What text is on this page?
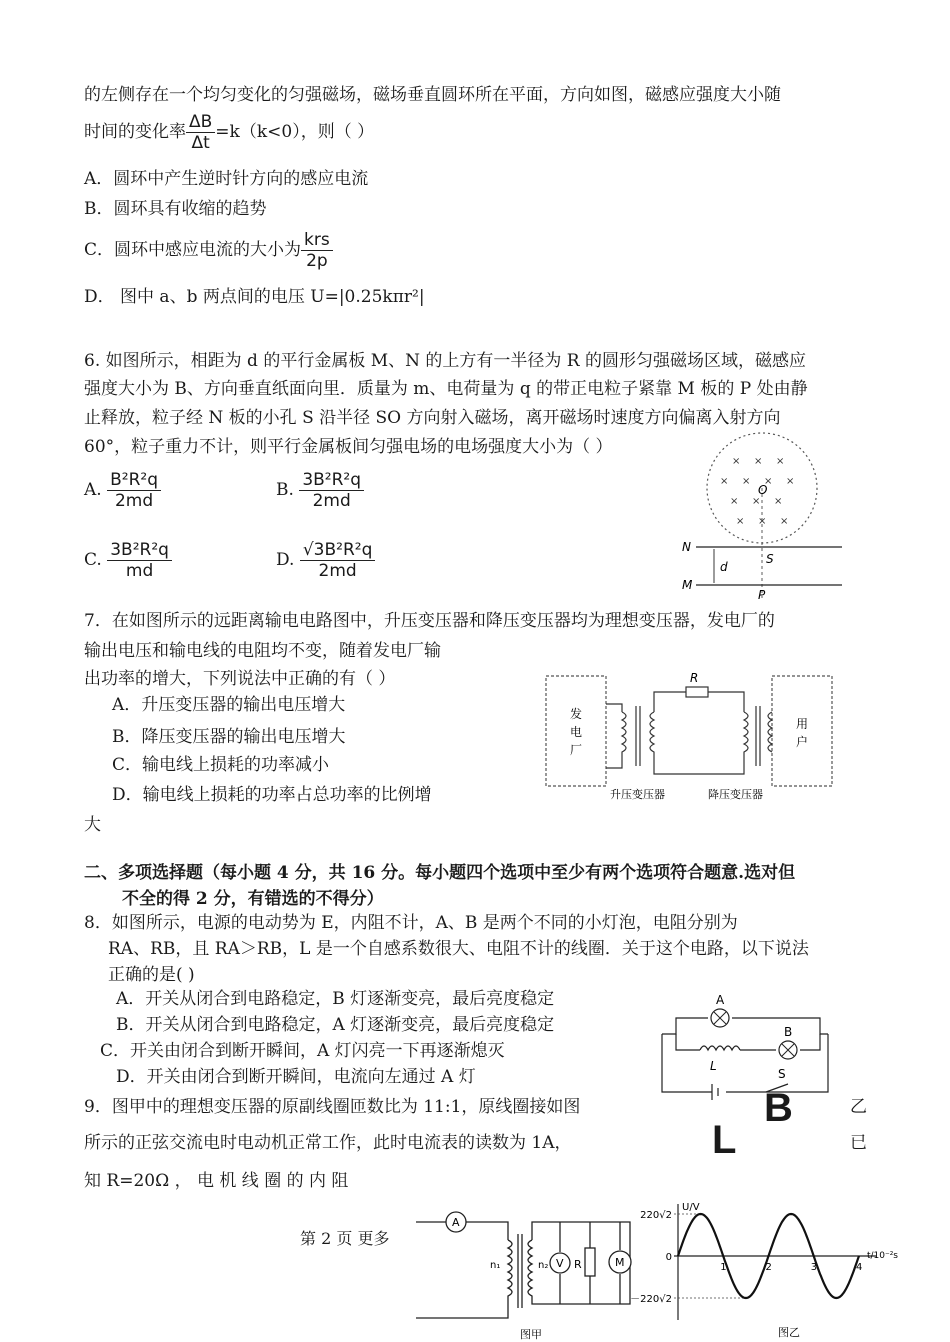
的左侧存在一个均匀变化的匀强磁场，磁场垂直圆环所在平面，方向如图，磁感应强度大小随
时间的变化率 $\frac{\Delta B}{\Delta t} =k(k<0)$，则（ ）
A．圆环中产生逆时针方向的感应电流
B．圆环具有收缩的趋势
C．圆环中感应电流的大小为 $\frac{\text{krs}}{2p}$
D． 图中 a、b 两点间的电压 U=|0.25kπr²|
6. 如图所示，相距为 d 的平行金属板 M、N 的上方有一半径为 R 的圆形匀强磁场区域，磁感应
强度大小为 B、方向垂直纸面向里．质量为 m、电荷量为 q 的带正电粒子紧靠 M 板的 P 处由静
止释放，粒子经 N 板的小孔 S 沿半径 SO 方向射入磁场，离开磁场时速度方向偏离入射方向
60°，粒子重力不计，则平行金属板间匀强电场的电场强度大小为（ ）
A. $\frac{\text{B²R²q}}{2md}$	B. $\frac{\text{3B²R²q}}{2md}$
C. $\frac{\text{3B²R²q}}{md}$	D. $\frac{\text{√3B²R²q}}{2md}$
× × ×
× × × ×
× × ×
× × ×
O
N
M
S
d
P
7．在如图所示的远距离输电电路图中，升压变压器和降压变压器均为理想变压器，发电厂的
输出电压和输电线的电阻均不变，随着发电厂输
出功率的增大，下列说法中正确的有（ ）
A．升压变压器的输出电压增大
B．降压变压器的输出电压增大
C．输电线上损耗的功率减小
D．输电线上损耗的功率占总功率的比例增
大
发
电
厂
用
户
R
升压变压器	降压变压器
二、多项选择题（每小题 4 分，共 16 分。每小题四个选项中至少有两个选项符合题意.选对但
不全的得 2 分，有错选的不得分）
8．如图所示，电源的电动势为 E，内阻不计，A、B 是两个不同的小灯泡，电阻分别为
RA、RB，且 RA＞RB，L 是一个自感系数很大、电阻不计的线圈．关于这个电路，以下说法
正确的是( )
A．开关从闭合到电路稳定，B 灯逐渐变亮，最后亮度稳定
B．开关从闭合到电路稳定，A 灯逐渐变亮，最后亮度稳定
C．开关由闭合到断开瞬间，A 灯闪亮一下再逐渐熄灭
D．开关由闭合到断开瞬间，电流向左通过 A 灯
A
B
L
S
9．图甲中的理想变压器的原副线圈匝数比为 11:1，原线圈接如图	乙
B
所示的正弦交流电时电动机正常工作，此时电流表的读数为 1A，	已
L
知 R=20Ω ， 电 机 线 圈 的 内 阻
第 2 页 更多
A
n₁	n₂ V R	M
图甲
U/V
220√2
－220√2
0
1	2	3	4
t/10⁻²s
图乙
